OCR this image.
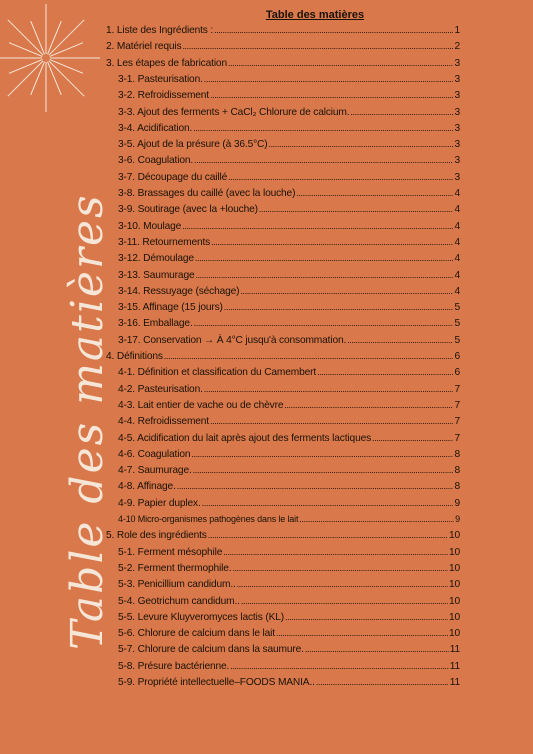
Table des matières
1. Liste des Ingrédients : .....	1
2. Matériel requis .....	2
3. Les étapes de fabrication .....	3
3-1. Pasteurisation. .....	3
3-2. Refroidissement .....	3
3-3. Ajout des ferments + CaCl₂ Chlorure de calcium. .....	3
3-4. Acidification. .....	3
3-5. Ajout de la présure (à 36.5°C) .....	3
3-6. Coagulation. .....	3
3-7. Découpage du caillé .....	3
3-8. Brassages du caillé (avec la louche) .....	4
3-9. Soutirage (avec la +louche) .....	4
3-10. Moulage .....	4
3-11. Retournements .....	4
3-12. Démoulage .....	4
3-13. Saumurage .....	4
3-14. Ressuyage (séchage) .....	4
3-15. Affinage (15 jours) .....	5
3-16. Emballage. .....	5
3-17. Conservation → À 4°C jusqu'à consommation. .....	5
4. Définitions .....	6
4-1. Définition et classification du Camembert .....	6
4-2. Pasteurisation. .....	7
4-3. Lait entier de vache ou de chèvre .....	7
4-4. Refroidissement .....	7
4-5. Acidification du lait après ajout des ferments lactiques .....	7
4-6. Coagulation .....	8
4-7. Saumurage. .....	8
4-8. Affinage. .....	8
4-9. Papier duplex. .....	9
4-10 Micro-organismes pathogènes dans le lait .....	9
5. Role des ingrédients .....	10
5-1. Ferment mésophile .....	10
5-2. Ferment thermophile. .....	10
5-3. Penicillium candidum.. .....	10
5-4. Geotrichum candidum.. .....	10
5-5. Levure Kluyveromyces lactis (KL) .....	10
5-6. Chlorure de calcium dans le lait .....	10
5-7. Chlorure de calcium dans la saumure. .....	11
5-8. Présure bactérienne. .....	11
5-9. Propriété intellectuelle–FOODS MANIA.. .....	11
Table des matières
